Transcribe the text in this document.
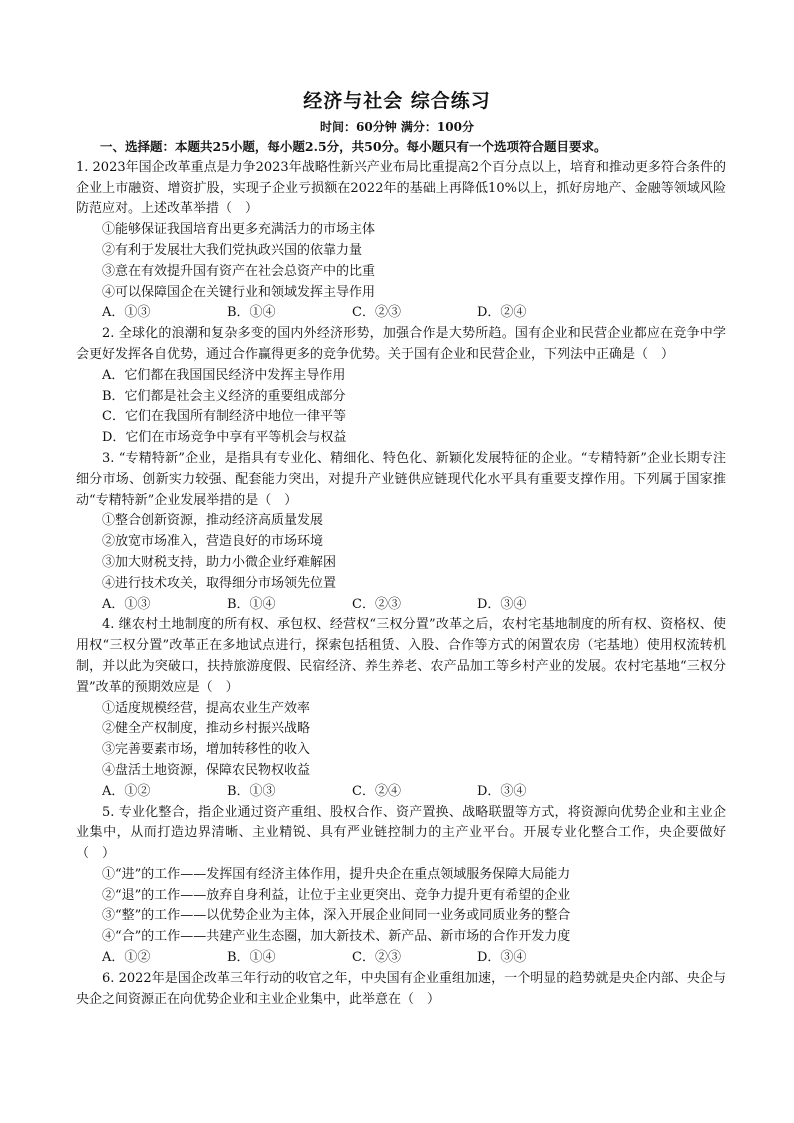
经济与社会 综合练习
时间：60分钟 满分：100分
一、选择题：本题共25小题，每小题2.5分，共50分。每小题只有一个选项符合题目要求。
1. 2023年国企改革重点是力争2023年战略性新兴产业布局比重提高2个百分点以上，培育和推动更多符合条件的企业上市融资、增资扩股，实现子企业亏损额在2022年的基础上再降低10%以上，抓好房地产、金融等领域风险防范应对。上述改革举措（　）
①能够保证我国培育出更多充满活力的市场主体
②有利于发展壮大我们党执政兴国的依靠力量
③意在有效提升国有资产在社会总资产中的比重
④可以保障国企在关键行业和领域发挥主导作用
A．①③	B．①④	C．②③	D．②④
2. 全球化的浪潮和复杂多变的国内外经济形势，加强合作是大势所趋。国有企业和民营企业都应在竞争中学会更好发挥各自优势，通过合作赢得更多的竞争优势。关于国有企业和民营企业，下列法中正确是（　）
A．它们都在我国国民经济中发挥主导作用
B．它们都是社会主义经济的重要组成部分
C．它们在我国所有制经济中地位一律平等
D．它们在市场竞争中享有平等机会与权益
3. “专精特新”企业，是指具有专业化、精细化、特色化、新颖化发展特征的企业。“专精特新”企业长期专注细分市场、创新实力较强、配套能力突出，对提升产业链供应链现代化水平具有重要支撑作用。下列属于国家推动“专精特新”企业发展举措的是（　）
①整合创新资源，推动经济高质量发展
②放宽市场准入，营造良好的市场环境
③加大财税支持，助力小微企业纾难解困
④进行技术攻关，取得细分市场领先位置
A．①③	B．①④	C．②③	D．③④
4. 继农村土地制度的所有权、承包权、经营权“三权分置”改革之后，农村宅基地制度的所有权、资格权、使用权“三权分置”改革正在多地试点进行，探索包括租赁、入股、合作等方式的闲置农房（宅基地）使用权流转机制，并以此为突破口，扶持旅游度假、民宿经济、养生养老、农产品加工等乡村产业的发展。农村宅基地“三权分置”改革的预期效应是（　）
①适度规模经营，提高农业生产效率
②健全产权制度，推动乡村振兴战略
③完善要素市场，增加转移性的收入
④盘活土地资源，保障农民物权收益
A．①②	B．①③	C．②④	D．③④
5. 专业化整合，指企业通过资产重组、股权合作、资产置换、战略联盟等方式，将资源向优势企业和主业企业集中，从而打造边界清晰、主业精锐、具有严业链控制力的主产业平台。开展专业化整合工作，央企要做好（　）
①“进”的工作——发挥国有经济主体作用，提升央企在重点领域服务保障大局能力
②“退”的工作——放弃自身利益，让位于主业更突出、竞争力提升更有希望的企业
③“整”的工作——以优势企业为主体，深入开展企业间同一业务或同质业务的整合
④“合”的工作——共建产业生态圈，加大新技术、新产品、新市场的合作开发力度
A．①②	B．①④	C．②③	D．③④
6. 2022年是国企改革三年行动的收官之年，中央国有企业重组加速，一个明显的趋势就是央企内部、央企与央企之间资源正在向优势企业和主业企业集中，此举意在（　）
